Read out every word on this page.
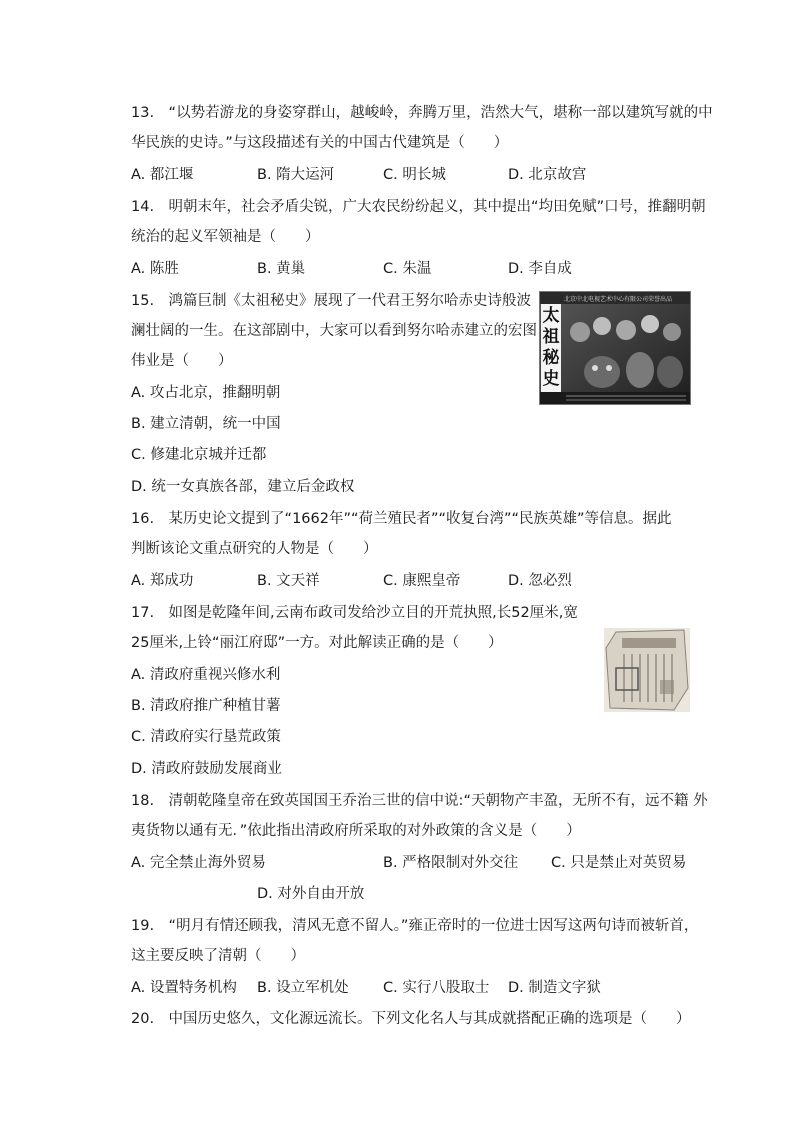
13.　“以势若游龙的身姿穿群山，越峻岭，奔腾万里，浩然大气，堪称一部以建筑写就的中
华民族的史诗。”与这段描述有关的中国古代建筑是（　　）
A. 都江堰	B. 隋大运河	C. 明长城	D. 北京故宫
14.　明朝末年，社会矛盾尖锐，广大农民纷纷起义，其中提出“均田免赋”口号，推翻明朝
统治的起义军领袖是（　　）
A. 陈胜	B. 黄巢	C. 朱温	D. 李自成
15.　鸿篇巨制《太祖秘史》展现了一代君王努尔哈赤史诗般波
澜壮阔的一生。在这部剧中，大家可以看到努尔哈赤建立的宏图
伟业是（　　）
A. 攻占北京，推翻明朝
B. 建立清朝，统一中国
C. 修建北京城并迁都
D. 统一女真族各部，建立后金政权
北京中北电视艺术中心有限公司荣誉出品
太祖秘史
16.　某历史论文提到了“1662年”“荷兰殖民者”“收复台湾”“民族英雄”等信息。据此
判断该论文重点研究的人物是（　　）
A. 郑成功	B. 文天祥	C. 康熙皇帝	D. 忽必烈
17.　如图是乾隆年间,云南布政司发给沙立目的开荒执照,长52厘米,宽
25厘米,上铃“丽江府邸”一方。对此解读正确的是（　　）
A. 清政府重视兴修水利
B. 清政府推广种植甘薯
C. 清政府实行垦荒政策
D. 清政府鼓励发展商业
18.　清朝乾隆皇帝在致英国国王乔治三世的信中说:“天朝物产丰盈，无所不有，远不籍 外
夷货物以通有无．”依此指出清政府所采取的对外政策的含义是（　　）
A. 完全禁止海外贸易	B. 严格限制对外交往 C. 只是禁止对英贸易
D. 对外自由开放
19.　“明月有情还顾我，清风无意不留人。”雍正帝时的一位进士因写这两句诗而被斩首，
这主要反映了清朝（　　）
A. 设置特务机构 B. 设立军机处 C. 实行八股取士 D. 制造文字狱
20.　中国历史悠久，文化源远流长。下列文化名人与其成就搭配正确的选项是（　　）
